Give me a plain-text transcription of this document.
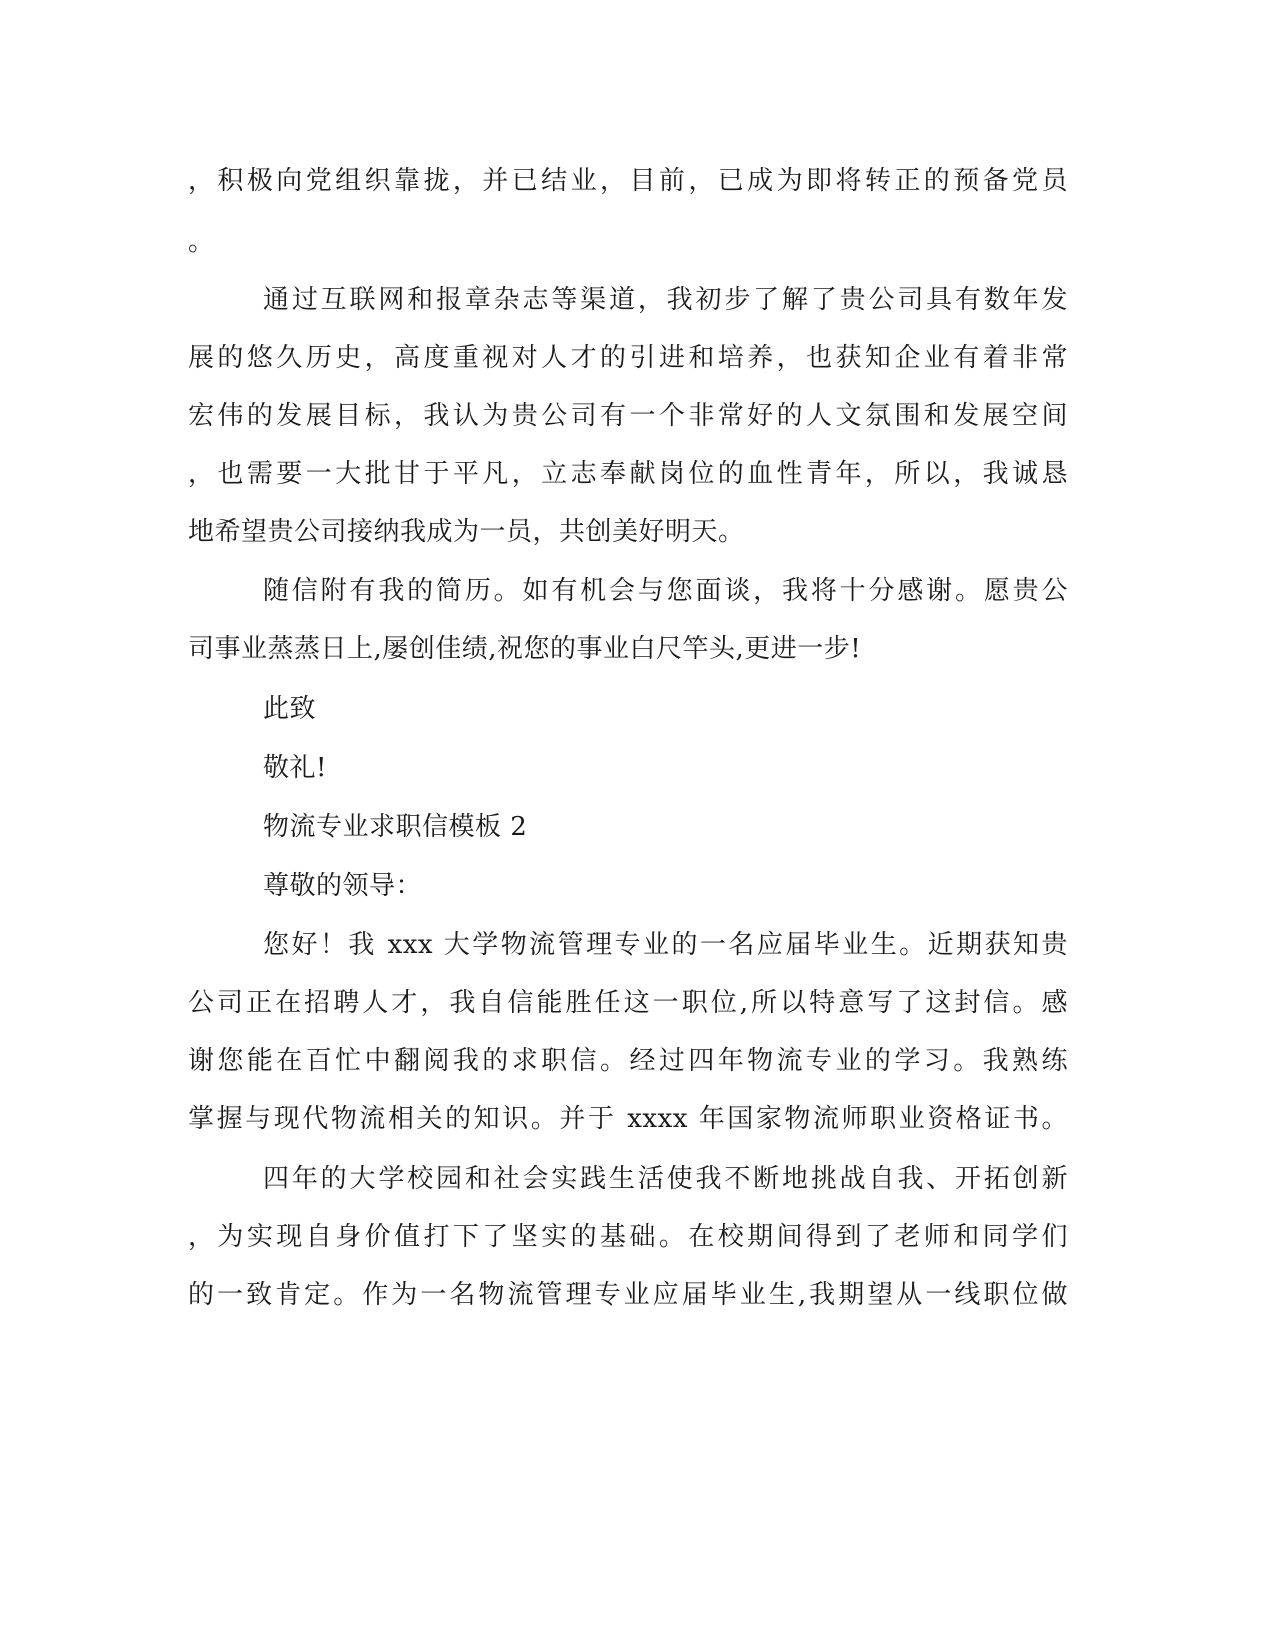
，积极向党组织靠拢，并已结业，目前，已成为即将转正的预备党员
。
通过互联网和报章杂志等渠道，我初步了解了贵公司具有数年发
展的悠久历史，高度重视对人才的引进和培养，也获知企业有着非常
宏伟的发展目标，我认为贵公司有一个非常好的人文氛围和发展空间
，也需要一大批甘于平凡，立志奉献岗位的血性青年，所以，我诚恳
地希望贵公司接纳我成为一员，共创美好明天。
随信附有我的简历。如有机会与您面谈，我将十分感谢。愿贵公
司事业蒸蒸日上,屡创佳绩,祝您的事业白尺竿头,更进一步!
此致
敬礼!
物流专业求职信模板 2
尊敬的领导：
您好！我 xxx 大学物流管理专业的一名应届毕业生。近期获知贵
公司正在招聘人才，我自信能胜任这一职位,所以特意写了这封信。感
谢您能在百忙中翻阅我的求职信。经过四年物流专业的学习。我熟练
掌握与现代物流相关的知识。并于 xxxx 年国家物流师职业资格证书。
四年的大学校园和社会实践生活使我不断地挑战自我、开拓创新
，为实现自身价值打下了坚实的基础。在校期间得到了老师和同学们
的一致肯定。作为一名物流管理专业应届毕业生,我期望从一线职位做
